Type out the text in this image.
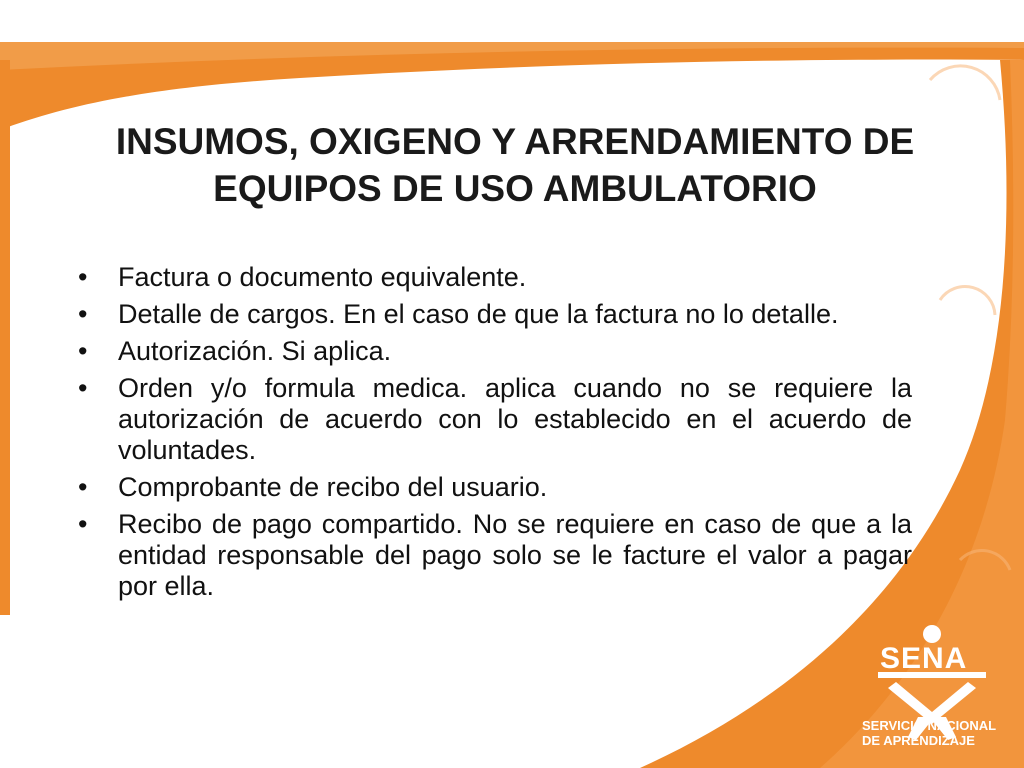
INSUMOS, OXIGENO Y ARRENDAMIENTO DE
EQUIPOS DE USO AMBULATORIO
• Factura o documento equivalente.
• Detalle de cargos. En el caso de que la factura no lo detalle.
• Autorización. Si aplica.
• Orden y/o formula medica. aplica cuando no se requiere la autorización de acuerdo con lo establecido en el acuerdo de voluntades.
• Comprobante de recibo del usuario.
• Recibo de pago compartido. No se requiere en caso de que a la entidad responsable del pago solo se le facture el valor a pagar por ella.
SENA
SERVICIO NACIONAL
DE APRENDIZAJE
